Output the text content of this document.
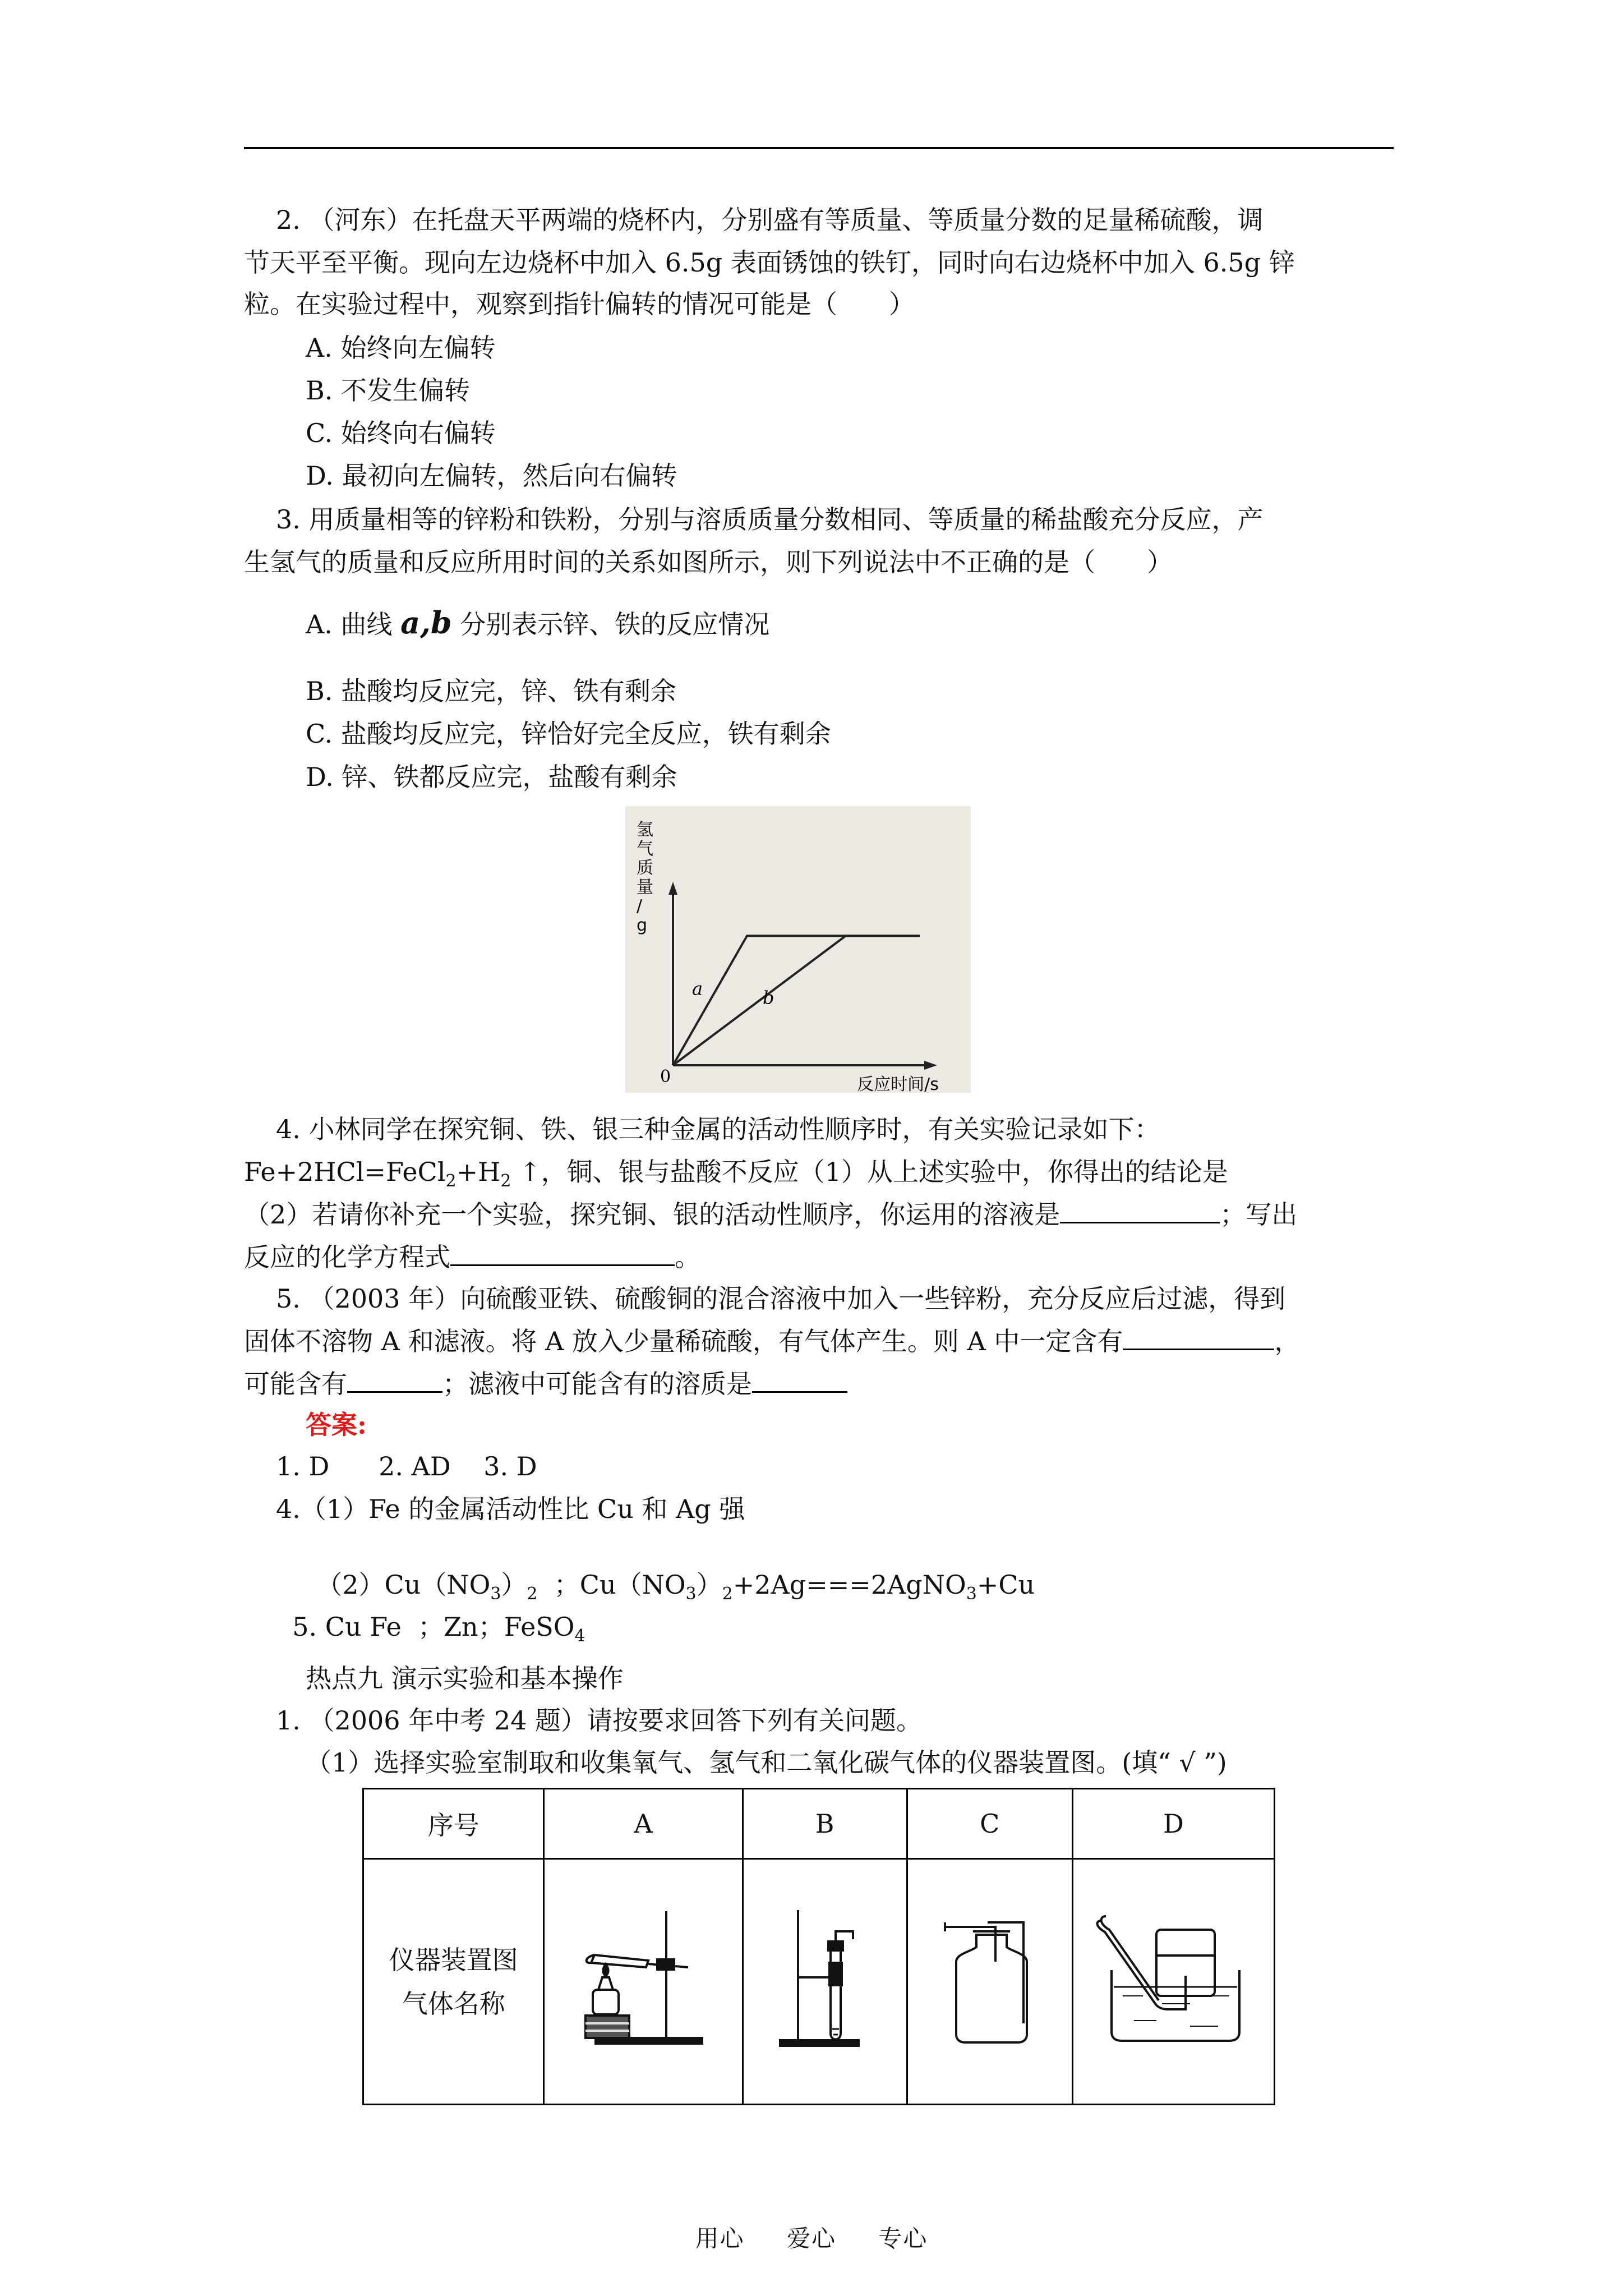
2. （河东）在托盘天平两端的烧杯内，分别盛有等质量、等质量分数的足量稀硫酸，调
节天平至平衡。现向左边烧杯中加入 6.5g 表面锈蚀的铁钉，同时向右边烧杯中加入 6.5g 锌
粒。在实验过程中，观察到指针偏转的情况可能是（　　）
A. 始终向左偏转
B. 不发生偏转
C. 始终向右偏转
D. 最初向左偏转，然后向右偏转
3. 用质量相等的锌粉和铁粉，分别与溶质质量分数相同、等质量的稀盐酸充分反应，产
生氢气的质量和反应所用时间的关系如图所示，则下列说法中不正确的是（　　）
A. 曲线 a,b 分别表示锌、铁的反应情况
B. 盐酸均反应完，锌、铁有剩余
C. 盐酸均反应完，锌恰好完全反应，铁有剩余
D. 锌、铁都反应完，盐酸有剩余
氢
气
质
量
/
g
0	反应时间/s
a	b
4. 小林同学在探究铜、铁、银三种金属的活动性顺序时，有关实验记录如下：
$Fe+2HCl=FeCl_2+H_2$ ↑，铜、银与盐酸不反应（1）从上述实验中，你得出的结论是
（2）若请你补充一个实验，探究铜、银的活动性顺序，你运用的溶液是	；写出
反应的化学方程式	。
5. （2003 年）向硫酸亚铁、硫酸铜的混合溶液中加入一些锌粉，充分反应后过滤，得到
固体不溶物 A 和滤液。将 A 放入少量稀硫酸，有气体产生。则 A 中一定含有	，
可能含有	；滤液中可能含有的溶质是
答案:
1. D      2. AD    3. D
4.（1）Fe 的金属活动性比 Cu 和 Ag 强

$(2)Cu(NO_3)_2$  ；$Cu(NO_3)_2+2Ag===2AgNO_3+Cu$

5. Cu Fe  ；Zn；FeSO$_4$

热点九 演示实验和基本操作
1. （2006 年中考 24 题）请按要求回答下列有关问题。
（1）选择实验室制取和收集氧气、氢气和二氧化碳气体的仪器装置图。(填“ √ ”)
序号	A	B	C	D

仪器装置图
气体名称

用心 爱心 专心
